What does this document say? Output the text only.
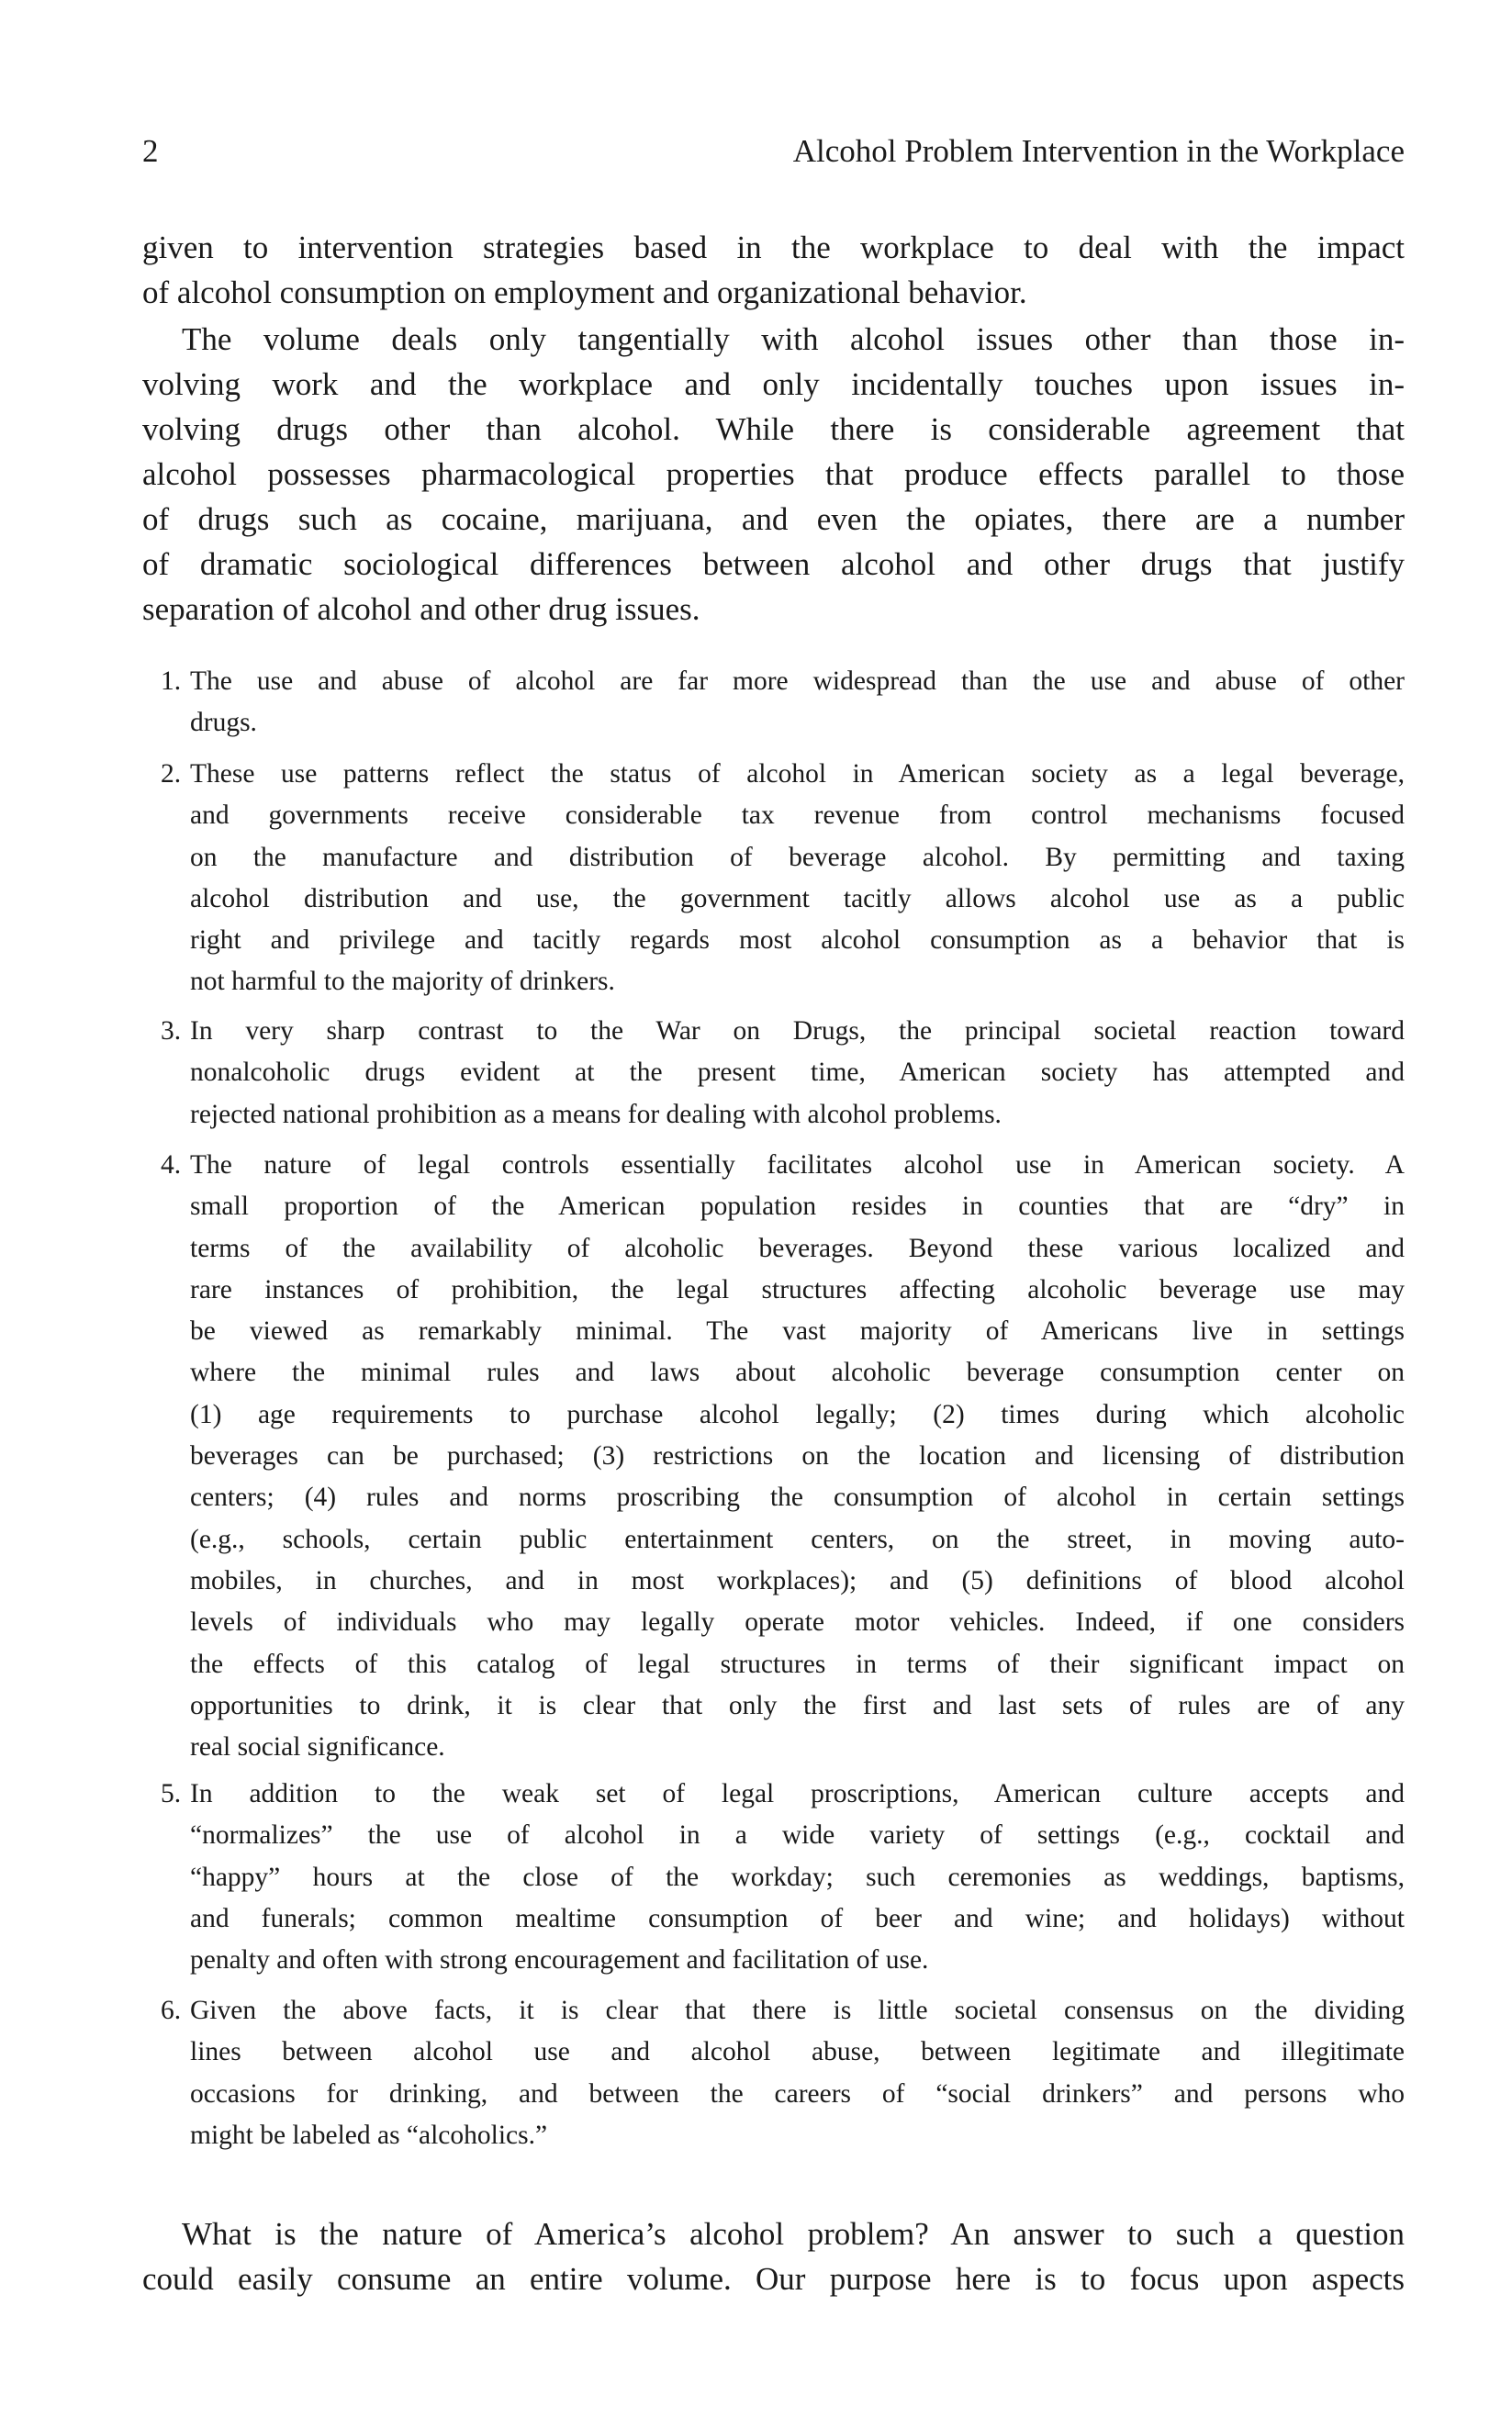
2	Alcohol Problem Intervention in the Workplace
given to intervention strategies based in the workplace to deal with the impact
of alcohol consumption on employment and organizational behavior.
The volume deals only tangentially with alcohol issues other than those in-
volving work and the workplace and only incidentally touches upon issues in-
volving drugs other than alcohol. While there is considerable agreement that
alcohol possesses pharmacological properties that produce effects parallel to those
of drugs such as cocaine, marijuana, and even the opiates, there are a number
of dramatic sociological differences between alcohol and other drugs that justify
separation of alcohol and other drug issues.
1. The use and abuse of alcohol are far more widespread than the use and abuse of other
drugs.
2. These use patterns reflect the status of alcohol in American society as a legal beverage,
and governments receive considerable tax revenue from control mechanisms focused
on the manufacture and distribution of beverage alcohol. By permitting and taxing
alcohol distribution and use, the government tacitly allows alcohol use as a public
right and privilege and tacitly regards most alcohol consumption as a behavior that is
not harmful to the majority of drinkers.
3. In very sharp contrast to the War on Drugs, the principal societal reaction toward
nonalcoholic drugs evident at the present time, American society has attempted and
rejected national prohibition as a means for dealing with alcohol problems.
4. The nature of legal controls essentially facilitates alcohol use in American society. A
small proportion of the American population resides in counties that are “dry” in
terms of the availability of alcoholic beverages. Beyond these various localized and
rare instances of prohibition, the legal structures affecting alcoholic beverage use may
be viewed as remarkably minimal. The vast majority of Americans live in settings
where the minimal rules and laws about alcoholic beverage consumption center on
(1) age requirements to purchase alcohol legally; (2) times during which alcoholic
beverages can be purchased; (3) restrictions on the location and licensing of distribution
centers; (4) rules and norms proscribing the consumption of alcohol in certain settings
(e.g., schools, certain public entertainment centers, on the street, in moving auto-
mobiles, in churches, and in most workplaces); and (5) definitions of blood alcohol
levels of individuals who may legally operate motor vehicles. Indeed, if one considers
the effects of this catalog of legal structures in terms of their significant impact on
opportunities to drink, it is clear that only the first and last sets of rules are of any
real social significance.
5. In addition to the weak set of legal proscriptions, American culture accepts and
“normalizes” the use of alcohol in a wide variety of settings (e.g., cocktail and
“happy” hours at the close of the workday; such ceremonies as weddings, baptisms,
and funerals; common mealtime consumption of beer and wine; and holidays) without
penalty and often with strong encouragement and facilitation of use.
6. Given the above facts, it is clear that there is little societal consensus on the dividing
lines between alcohol use and alcohol abuse, between legitimate and illegitimate
occasions for drinking, and between the careers of “social drinkers” and persons who
might be labeled as “alcoholics.”
What is the nature of America’s alcohol problem? An answer to such a question
could easily consume an entire volume. Our purpose here is to focus upon aspects
